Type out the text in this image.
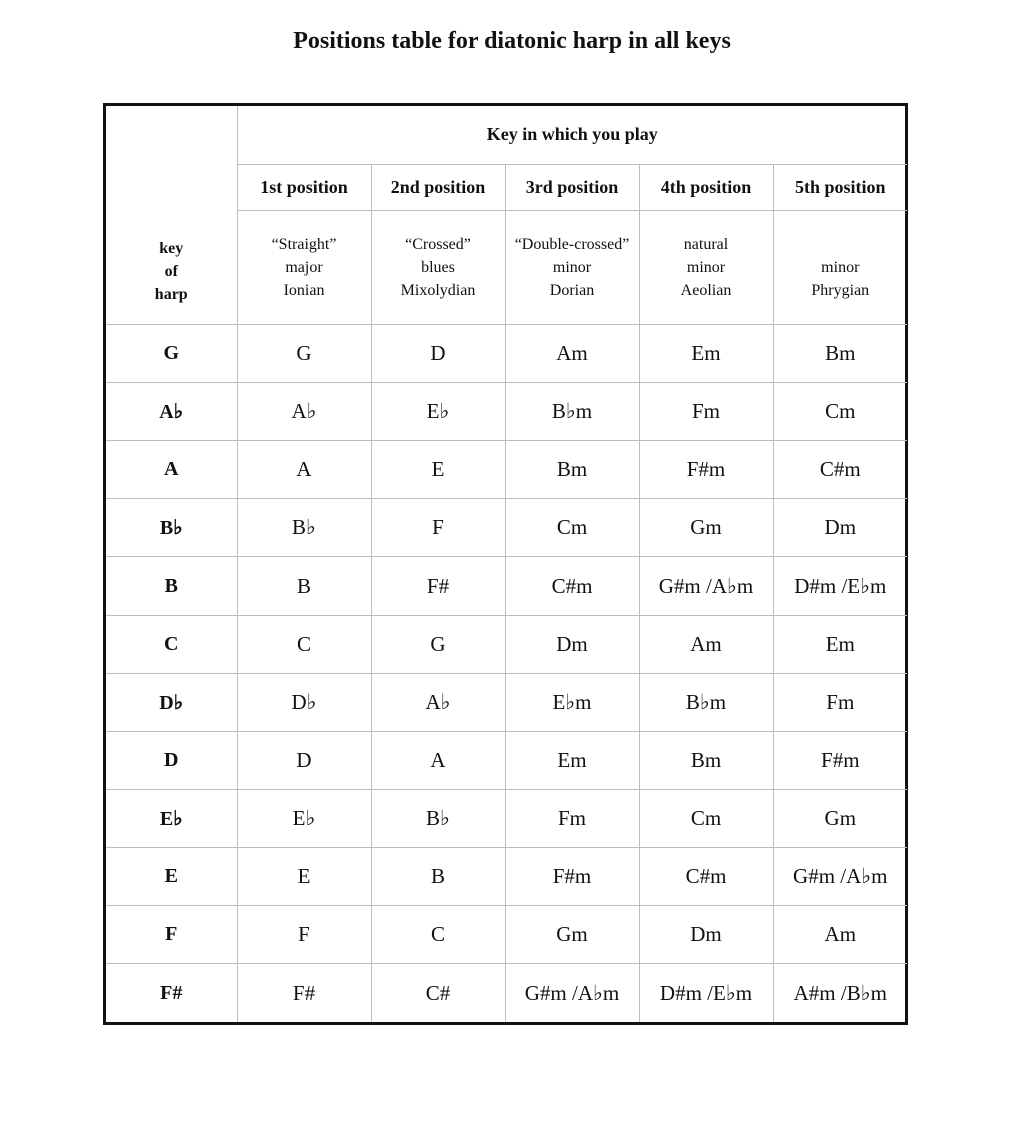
Positions table for diatonic harp in all keys
key
of
harp	Key in which you play				
	1st position	2nd position	3rd position	4th position	5th position

	“Straight”
major
Ionian	“Crossed”
blues
Mixolydian	“Double-crossed”
minor
Dorian	natural
minor
Aeolian	minor
Phrygian

G	G	D	Am	Em	Bm
A♭	A♭	E♭	B♭m	Fm	Cm
A	A	E	Bm	F#m	C#m
B♭	B♭	F	Cm	Gm	Dm
B	B	F#	C#m	G#m /A♭m	D#m /E♭m
C	C	G	Dm	Am	Em
D♭	D♭	A♭	E♭m	B♭m	Fm
D	D	A	Em	Bm	F#m
E♭	E♭	B♭	Fm	Cm	Gm
E	E	B	F#m	C#m	G#m /A♭m
F	F	C	Gm	Dm	Am
F#	F#	C#	G#m /A♭m	D#m /E♭m	A#m /B♭m
